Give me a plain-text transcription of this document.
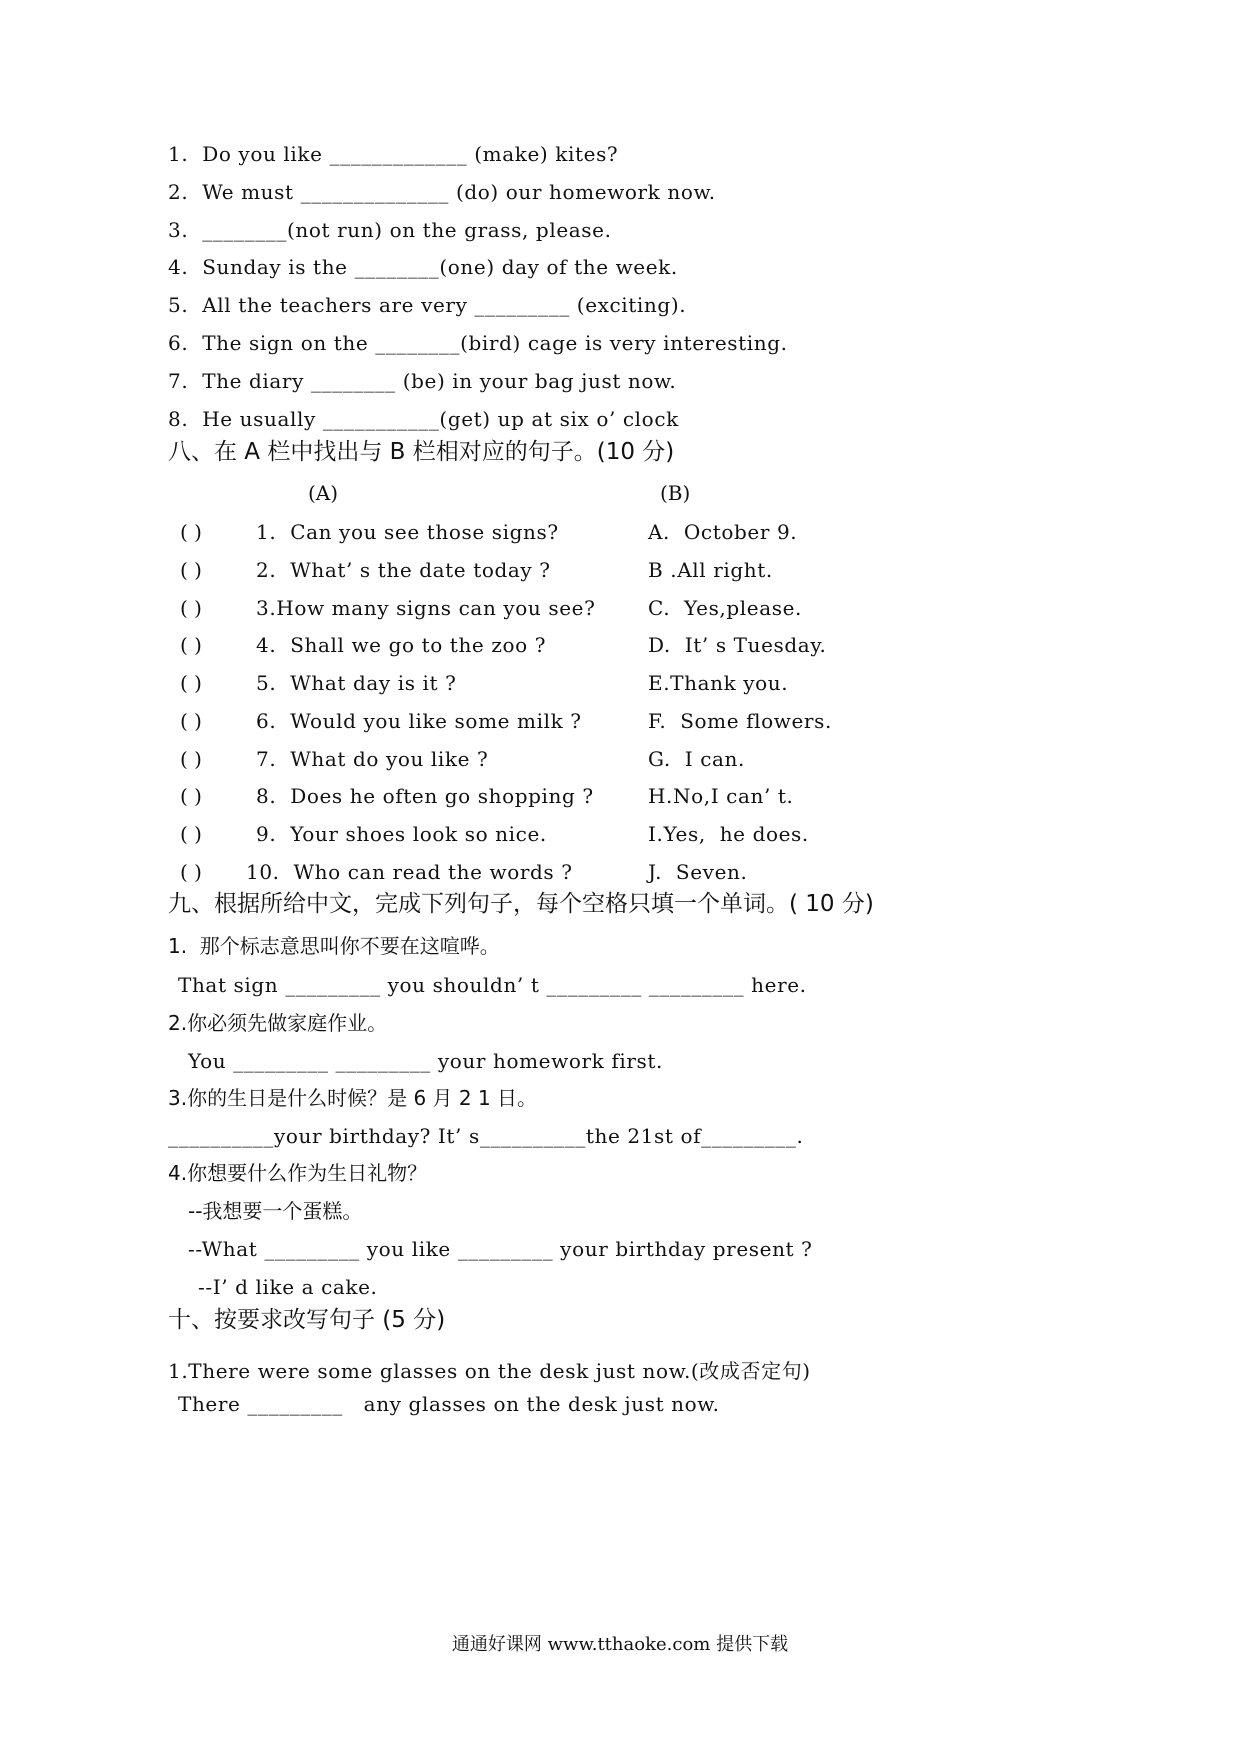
1.  Do you like _____________ (make) kites?
2.  We must ______________ (do) our homework now.
3.  ________(not run) on the grass, please.
4.  Sunday is the ________(one) day of the week.
5.  All the teachers are very _________ (exciting).
6.  The sign on the ________(bird) cage is very interesting.
7.  The diary ________ (be) in your bag just now.
8.  He usually ___________(get) up at six o’ clock
八、在 A 栏中找出与 B 栏相对应的句子。(10 分)
(A)	(B)
( )	1.  Can you see those signs?	A.  October 9.
( )	2.  What’ s the date today ?	B .All right.
( )	3.How many signs can you see?	C.  Yes,please.
( )	4.  Shall we go to the zoo ?	D.  It’ s Tuesday.
( )	5.  What day is it ?	E.Thank you.
( )	6.  Would you like some milk ?	F.  Some flowers.
( )	7.  What do you like ?	G.  I can.
( )	8.  Does he often go shopping ?	H.No,I can’ t.
( )	9.  Your shoes look so nice.	I.Yes,  he does.
( ) 10.  Who can read the words ?	J.  Seven.
九、根据所给中文，完成下列句子，每个空格只填一个单词。( 10 分)
1.  那个标志意思叫你不要在这喧哗。
That sign _________ you shouldn’ t _________ _________ here.
2.你必须先做家庭作业。
You _________ _________ your homework first.
3.你的生日是什么时候？是 6 月 2 1 日。
__________your birthday? It’ s__________the 21st of_________.
4.你想要什么作为生日礼物？
--我想要一个蛋糕。
--What _________ you like _________ your birthday present ?
--I’ d like a cake.
十、按要求改写句子 (5 分)
1.There were some glasses on the desk just now.(改成否定句)
There _________   any glasses on the desk just now.
通通好课网 www.tthaoke.com 提供下载
